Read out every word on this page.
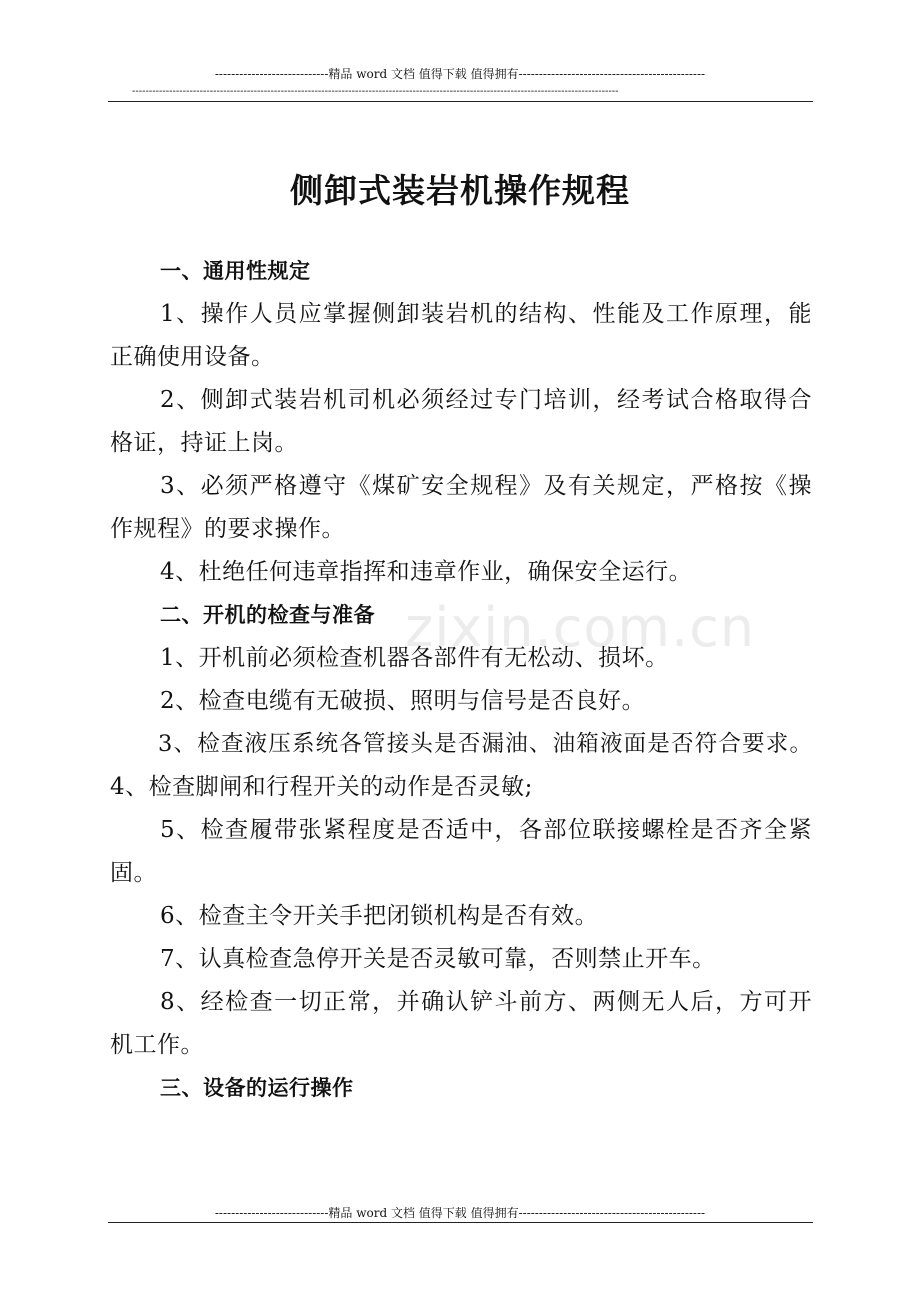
----------------------------精品 word 文档 值得下载 值得拥有----------------------------------------------
------------------------------------------------------------------------------------------------------------------------------------------------
侧卸式装岩机操作规程
zixin.com.cn
一、通用性规定
1、操作人员应掌握侧卸装岩机的结构、性能及工作原理，能
正确使用设备。
2、侧卸式装岩机司机必须经过专门培训，经考试合格取得合
格证，持证上岗。
3、必须严格遵守《煤矿安全规程》及有关规定，严格按《操
作规程》的要求操作。
4、杜绝任何违章指挥和违章作业，确保安全运行。
二、开机的检查与准备
1、开机前必须检查机器各部件有无松动、损坏。
2、检查电缆有无破损、照明与信号是否良好。
3、检查液压系统各管接头是否漏油、油箱液面是否符合要求。
4、检查脚闸和行程开关的动作是否灵敏;
5、检查履带张紧程度是否适中，各部位联接螺栓是否齐全紧
固。
6、检查主令开关手把闭锁机构是否有效。
7、认真检查急停开关是否灵敏可靠，否则禁止开车。
8、经检查一切正常，并确认铲斗前方、两侧无人后，方可开
机工作。
三、设备的运行操作
----------------------------精品 word 文档 值得下载 值得拥有----------------------------------------------
